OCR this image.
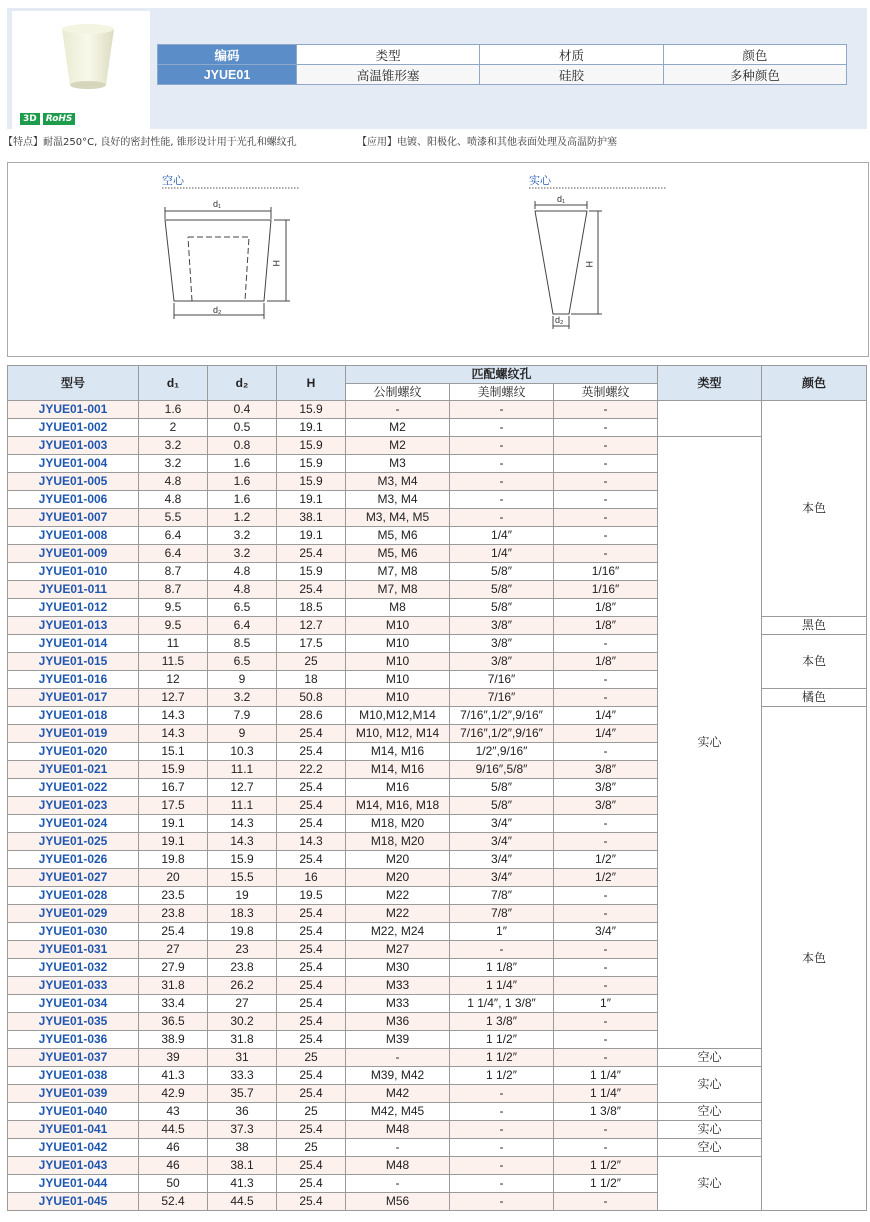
3D RoHS
编码	类型	材质	颜色
JYUE01	高温锥形塞	硅胶	多种颜色
【特点】耐温250°C, 良好的密封性能, 锥形设计用于光孔和螺纹孔	【应用】电镀、阳极化、喷漆和其他表面处理及高温防护塞
空心
d₁
d₂
H
实心
d₁
d₂
H
型号	d₁	d₂	H	匹配螺纹孔			类型	颜色
				公制螺纹	美制螺纹	英制螺纹		
JYUE01-001	1.6	0.4	15.9	-	-	-		本色
JYUE01-002	2	0.5	19.1	M2	-	-		
JYUE01-003	3.2	0.8	15.9	M2	-	-	实心	
JYUE01-004	3.2	1.6	15.9	M3	-	-		
JYUE01-005	4.8	1.6	15.9	M3, M4	-	-		
JYUE01-006	4.8	1.6	19.1	M3, M4	-	-		
JYUE01-007	5.5	1.2	38.1	M3, M4, M5	-	-		
JYUE01-008	6.4	3.2	19.1	M5, M6	1/4″	-		
JYUE01-009	6.4	3.2	25.4	M5, M6	1/4″	-		
JYUE01-010	8.7	4.8	15.9	M7, M8	5/8″	1/16″		
JYUE01-011	8.7	4.8	25.4	M7, M8	5/8″	1/16″		
JYUE01-012	9.5	6.5	18.5	M8	5/8″	1/8″		
JYUE01-013	9.5	6.4	12.7	M10	3/8″	1/8″		黑色
JYUE01-014	11	8.5	17.5	M10	3/8″	-		本色
JYUE01-015	11.5	6.5	25	M10	3/8″	1/8″		
JYUE01-016	12	9	18	M10	7/16″	-		
JYUE01-017	12.7	3.2	50.8	M10	7/16″	-		橘色
JYUE01-018	14.3	7.9	28.6	M10,M12,M14	7/16″,1/2″,9/16″	1/4″		本色
JYUE01-019	14.3	9	25.4	M10, M12, M14	7/16″,1/2″,9/16″	1/4″		
JYUE01-020	15.1	10.3	25.4	M14, M16	1/2″,9/16″	-		
JYUE01-021	15.9	11.1	22.2	M14, M16	9/16″,5/8″	3/8″		
JYUE01-022	16.7	12.7	25.4	M16	5/8″	3/8″		
JYUE01-023	17.5	11.1	25.4	M14, M16, M18	5/8″	3/8″		
JYUE01-024	19.1	14.3	25.4	M18, M20	3/4″	-		
JYUE01-025	19.1	14.3	14.3	M18, M20	3/4″	-		
JYUE01-026	19.8	15.9	25.4	M20	3/4″	1/2″		
JYUE01-027	20	15.5	16	M20	3/4″	1/2″		
JYUE01-028	23.5	19	19.5	M22	7/8″	-		
JYUE01-029	23.8	18.3	25.4	M22	7/8″	-		
JYUE01-030	25.4	19.8	25.4	M22, M24	1″	3/4″		
JYUE01-031	27	23	25.4	M27	-	-		
JYUE01-032	27.9	23.8	25.4	M30	1 1/8″	-		
JYUE01-033	31.8	26.2	25.4	M33	1 1/4″	-		
JYUE01-034	33.4	27	25.4	M33	1 1/4″, 1 3/8″	1″		
JYUE01-035	36.5	30.2	25.4	M36	1 3/8″	-		
JYUE01-036	38.9	31.8	25.4	M39	1 1/2″	-		
JYUE01-037	39	31	25	-	1 1/2″	-	空心	
JYUE01-038	41.3	33.3	25.4	M39, M42	1 1/2″	1 1/4″	实心	
JYUE01-039	42.9	35.7	25.4	M42	-	1 1/4″		
JYUE01-040	43	36	25	M42, M45	-	1 3/8″	空心	
JYUE01-041	44.5	37.3	25.4	M48	-	-	实心	
JYUE01-042	46	38	25	-	-	-	空心	
JYUE01-043	46	38.1	25.4	M48	-	1 1/2″	实心	
JYUE01-044	50	41.3	25.4	-	-	1 1/2″		
JYUE01-045	52.4	44.5	25.4	M56	-	-		
